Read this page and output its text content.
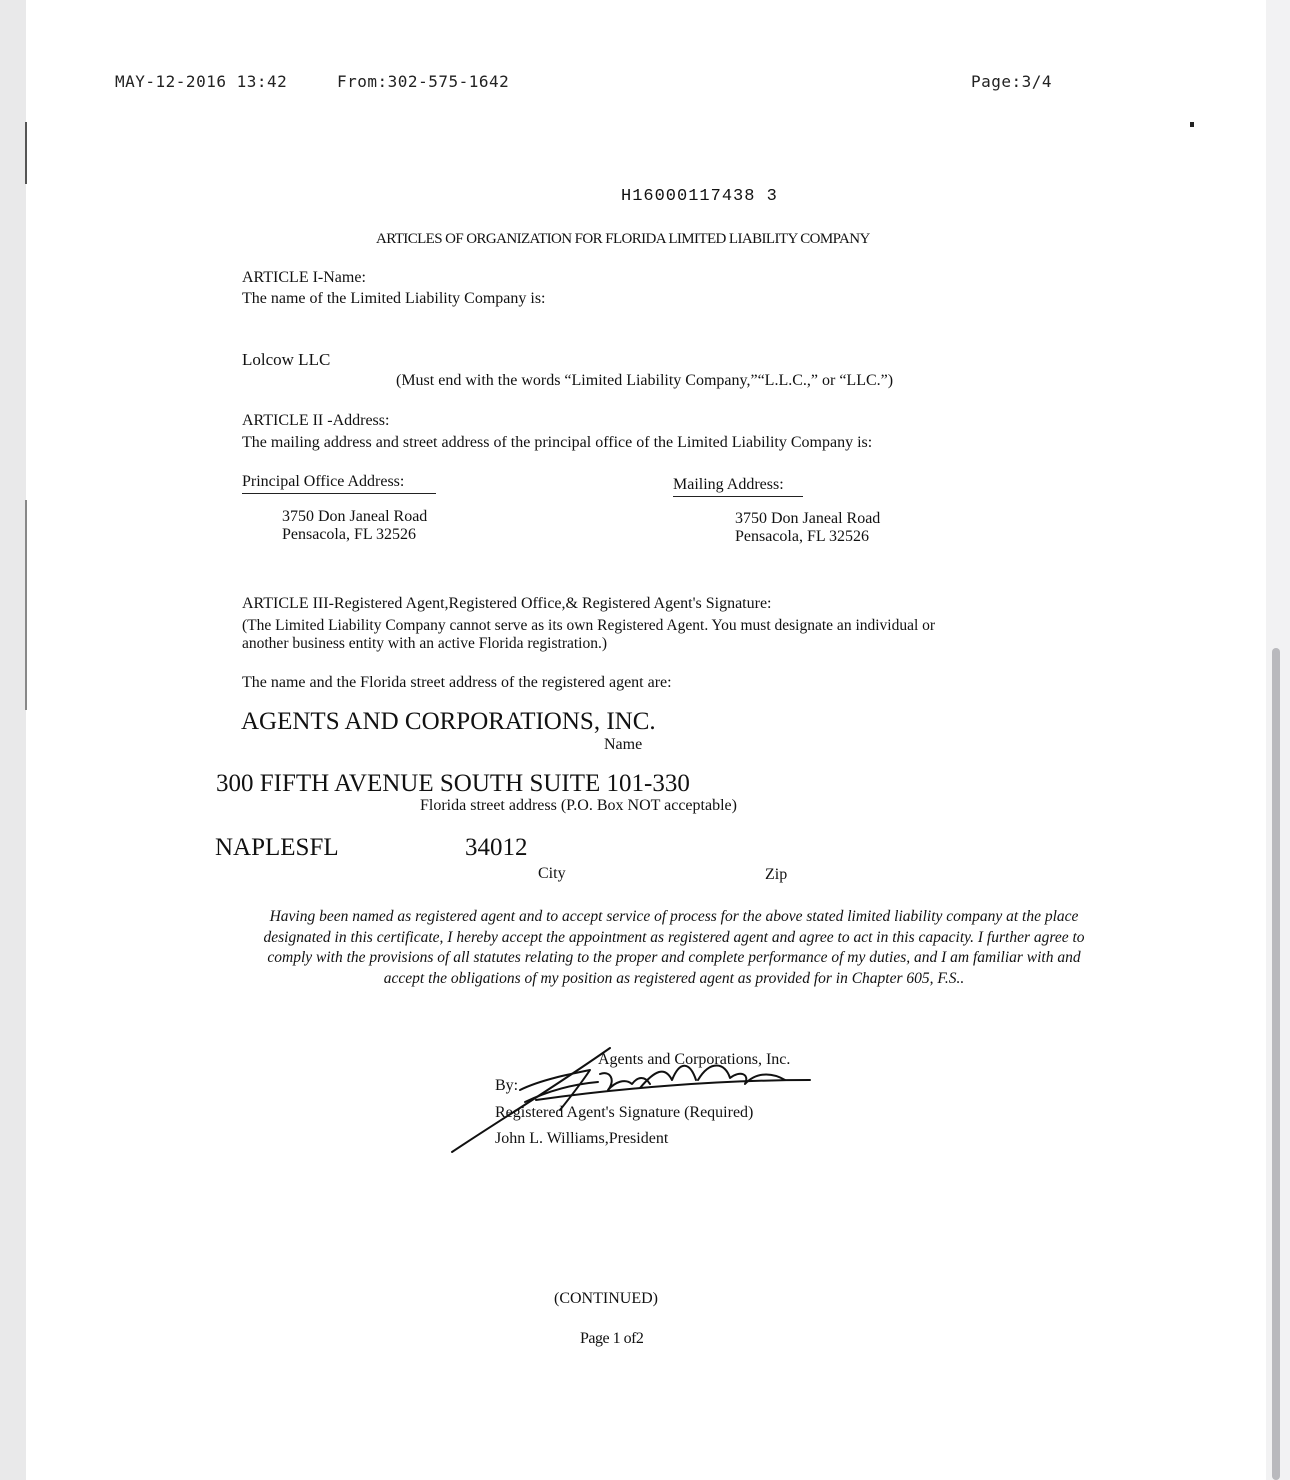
MAY-12-2016 13:42	From:302-575-1642	Page:3/4
H16000117438 3
ARTICLES OF ORGANIZATION FOR FLORIDA LIMITED LIABILITY COMPANY
ARTICLE I-Name:
The name of the Limited Liability Company is:
Lolcow LLC
(Must end with the words “Limited Liability Company,”“L.L.C.,” or “LLC.”)
ARTICLE II -Address:
The mailing address and street address of the principal office of the Limited Liability Company is:
Principal Office Address:	Mailing Address:
3750 Don Janeal Road
Pensacola, FL 32526
3750 Don Janeal Road
Pensacola, FL 32526
ARTICLE III-Registered Agent,Registered Office,& Registered Agent's Signature:
(The Limited Liability Company cannot serve as its own Registered Agent. You must designate an individual or
another business entity with an active Florida registration.)
The name and the Florida street address of the registered agent are:
AGENTS AND CORPORATIONS, INC.
Name
300 FIFTH AVENUE SOUTH SUITE 101-330
Florida street address (P.O. Box NOT acceptable)
NAPLESFL	34012
City	Zip
Having been named as registered agent and to accept service of process for the above stated limited liability company at the place designated in this certificate, I hereby accept the appointment as registered agent and agree to act in this capacity. I further agree to comply with the provisions of all statutes relating to the proper and complete performance of my duties, and I am familiar with and accept the obligations of my position as registered agent as provided for in Chapter 605, F.S..
Agents and Corporations, Inc.
By:
Registered Agent's Signature (Required)
John L. Williams,President
(CONTINUED)
Page 1 of2
